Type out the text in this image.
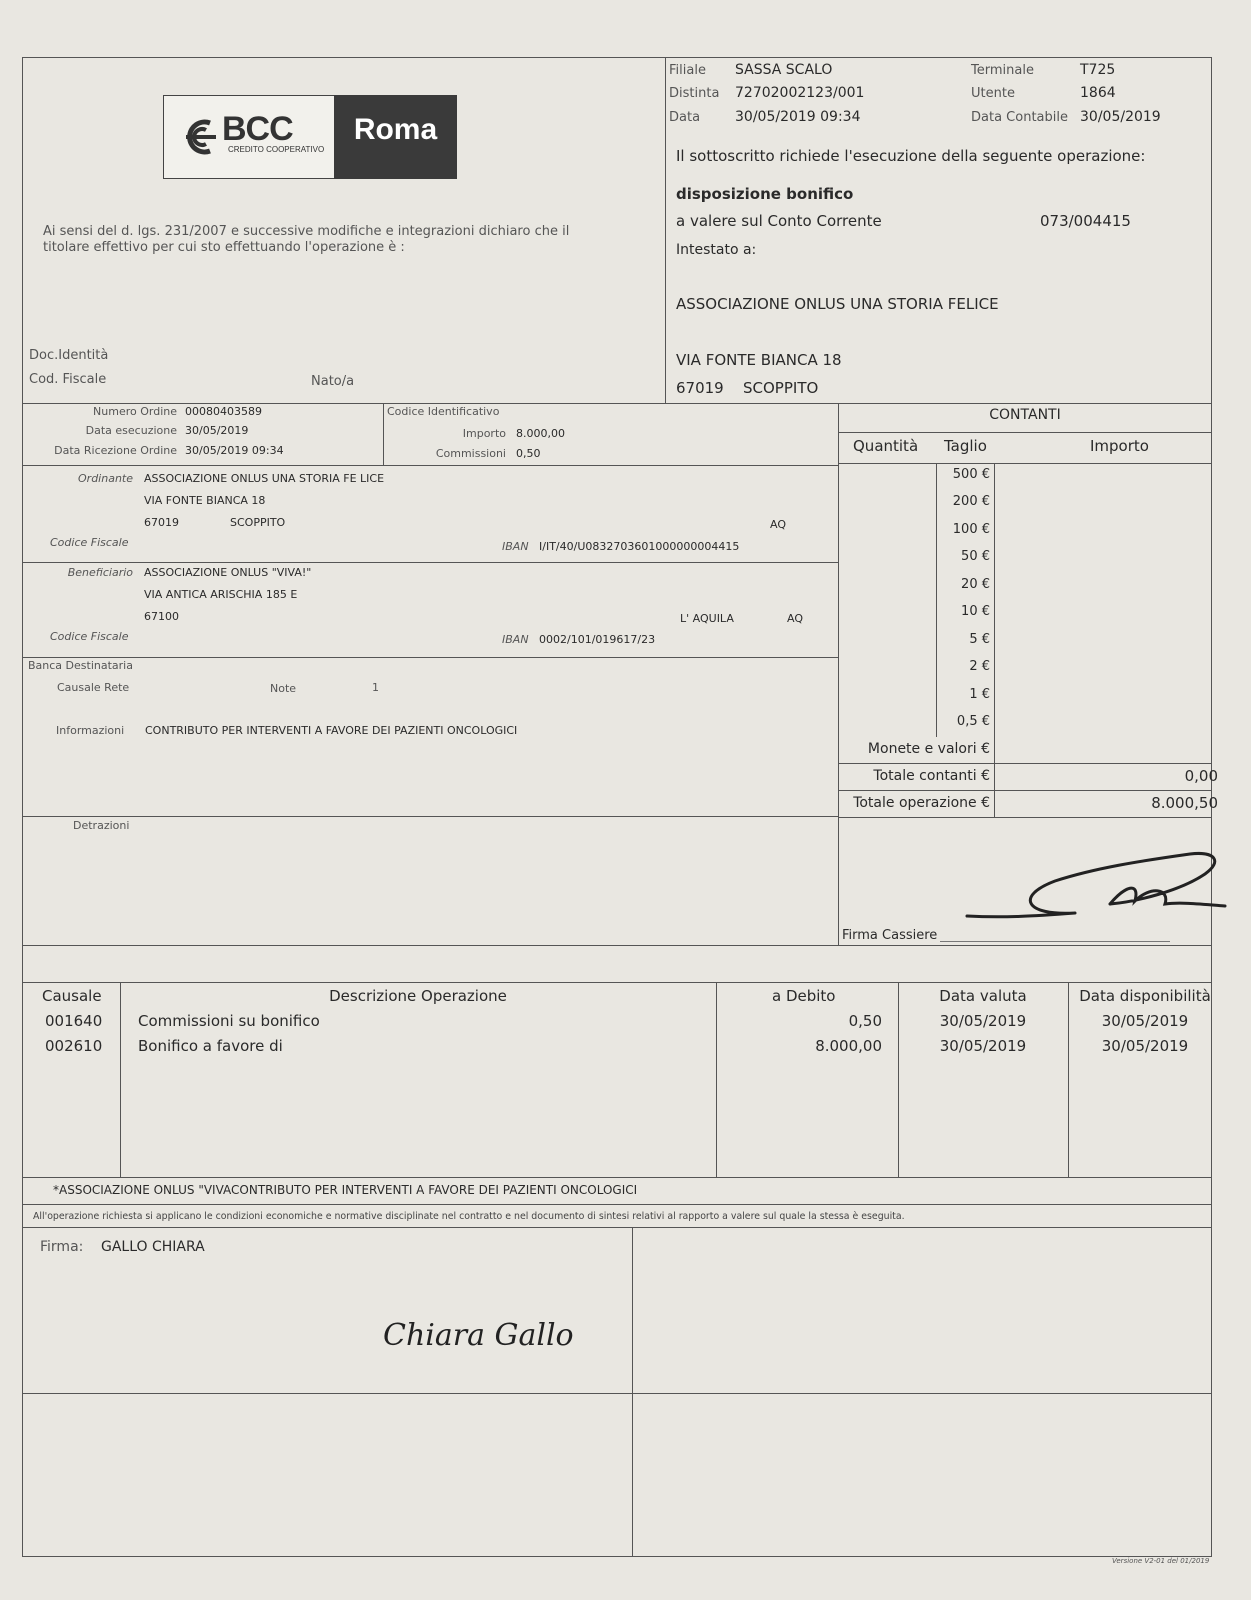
BCC
CREDITO COOPERATIVO
Roma
Filiale SASSA SCALO	Terminale	T725
Distinta 72702002123/001	Utente	1864
Data 30/05/2019 09:34	Data Contabile 30/05/2019
Il sottoscritto richiede l'esecuzione della seguente operazione:
disposizione bonifico
a valere sul Conto Corrente	073/004415
Intestato a:
ASSOCIAZIONE ONLUS UNA STORIA FELICE
VIA FONTE BIANCA 18
67019 SCOPPITO
Ai sensi del d. lgs. 231/2007 e successive modifiche e integrazioni dichiaro che il
titolare effettivo per cui sto effettuando l'operazione è :
Doc.Identità
Cod. Fiscale	Nato/a
Numero Ordine 00080403589
Data esecuzione 30/05/2019
Data Ricezione Ordine 30/05/2019 09:34
Codice Identificativo
Importo 8.000,00
Commissioni 0,50
Ordinante ASSOCIAZIONE ONLUS UNA STORIA FE LICE
VIA FONTE BIANCA 18
67019	SCOPPITO	AQ
Codice Fiscale	IBAN I/IT/40/U0832703601000000004415
Beneficiario ASSOCIAZIONE ONLUS "VIVA!"
VIA ANTICA ARISCHIA 185 E
67100	L' AQUILA	AQ
Codice Fiscale	IBAN 0002/101/019617/23
Banca Destinataria
Causale Rete	Note	1
Informazioni CONTRIBUTO PER INTERVENTI A FAVORE DEI PAZIENTI ONCOLOGICI
Detrazioni
CONTANTI
Quantità Taglio	Importo
500 €
200 €
100 €
50 €
20 €
10 €
5 €
2 €
1 €
0,5 €
Monete e valori €
Totale contanti €	0,00
Totale operazione €	8.000,50
Firma Cassiere
Causale	Descrizione Operazione	a Debito	Data valuta	Data disponibilità
001640 Commissioni su bonifico	0,50	30/05/2019	30/05/2019
002610 Bonifico a favore di	8.000,00	30/05/2019	30/05/2019
*ASSOCIAZIONE ONLUS "VIVACONTRIBUTO PER INTERVENTI A FAVORE DEI PAZIENTI ONCOLOGICI
All'operazione richiesta si applicano le condizioni economiche e normative disciplinate nel contratto e nel documento di sintesi relativi al rapporto a valere sul quale la stessa è eseguita.
Firma: GALLO CHIARA
Chiara Gallo
Versione V2-01 del 01/2019
